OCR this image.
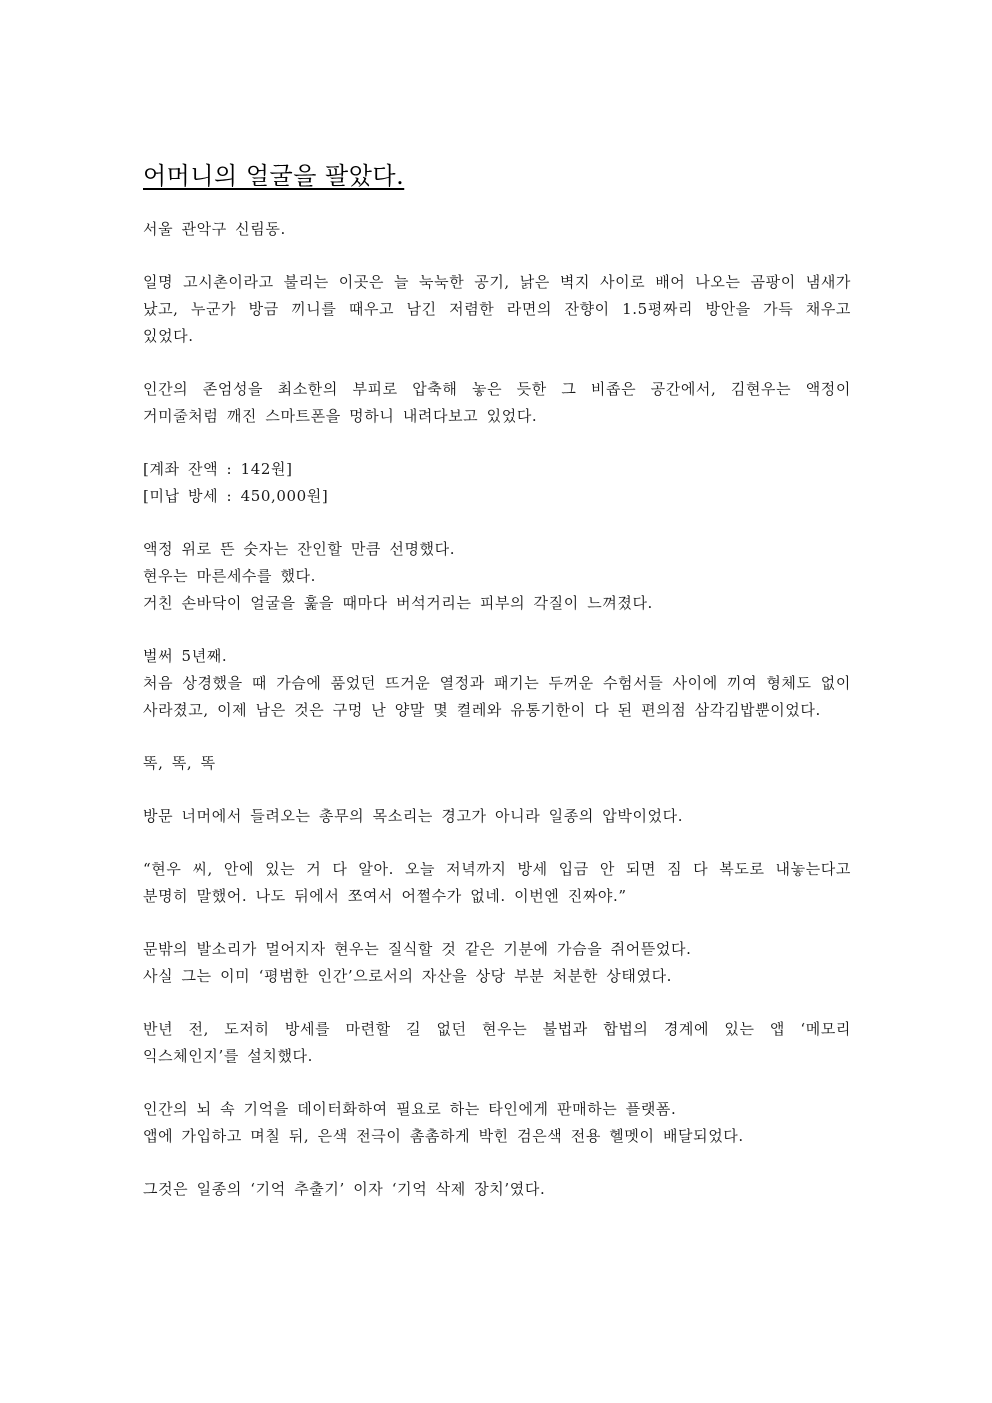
어머니의 얼굴을 팔았다.
서울 관악구 신림동.
일명 고시촌이라고 불리는 이곳은 늘 눅눅한 공기, 낡은 벽지 사이로 배어 나오는 곰팡이 냄새가 났고, 누군가 방금 끼니를 때우고 남긴 저렴한 라면의 잔향이 1.5평짜리 방안을 가득 채우고 있었다.
인간의 존엄성을 최소한의 부피로 압축해 놓은 듯한 그 비좁은 공간에서, 김현우는 액정이 거미줄처럼 깨진 스마트폰을 멍하니 내려다보고 있었다.
[계좌 잔액 : 142원]
[미납 방세 : 450,000원]
액정 위로 뜬 숫자는 잔인할 만큼 선명했다.
현우는 마른세수를 했다.
거친 손바닥이 얼굴을 훑을 때마다 버석거리는 피부의 각질이 느껴졌다.
벌써 5년째.
처음 상경했을 때 가슴에 품었던 뜨거운 열정과 패기는 두꺼운 수험서들 사이에 끼여 형체도 없이 사라졌고, 이제 남은 것은 구멍 난 양말 몇 켤레와 유통기한이 다 된 편의점 삼각김밥뿐이었다.
똑, 똑, 똑
방문 너머에서 들려오는 총무의 목소리는 경고가 아니라 일종의 압박이었다.
“현우 씨, 안에 있는 거 다 알아. 오늘 저녁까지 방세 입금 안 되면 짐 다 복도로 내놓는다고 분명히 말했어. 나도 뒤에서 쪼여서 어쩔수가 없네. 이번엔 진짜야.”
문밖의 발소리가 멀어지자 현우는 질식할 것 같은 기분에 가슴을 쥐어뜯었다.
사실 그는 이미 ‘평범한 인간’으로서의 자산을 상당 부분 처분한 상태였다.
반년 전, 도저히 방세를 마련할 길 없던 현우는 불법과 합법의 경계에 있는 앱 ‘메모리 익스체인지’를 설치했다.
인간의 뇌 속 기억을 데이터화하여 필요로 하는 타인에게 판매하는 플랫폼.
앱에 가입하고 며칠 뒤, 은색 전극이 촘촘하게 박힌 검은색 전용 헬멧이 배달되었다.
그것은 일종의 ‘기억 추출기’ 이자 ‘기억 삭제 장치’였다.
